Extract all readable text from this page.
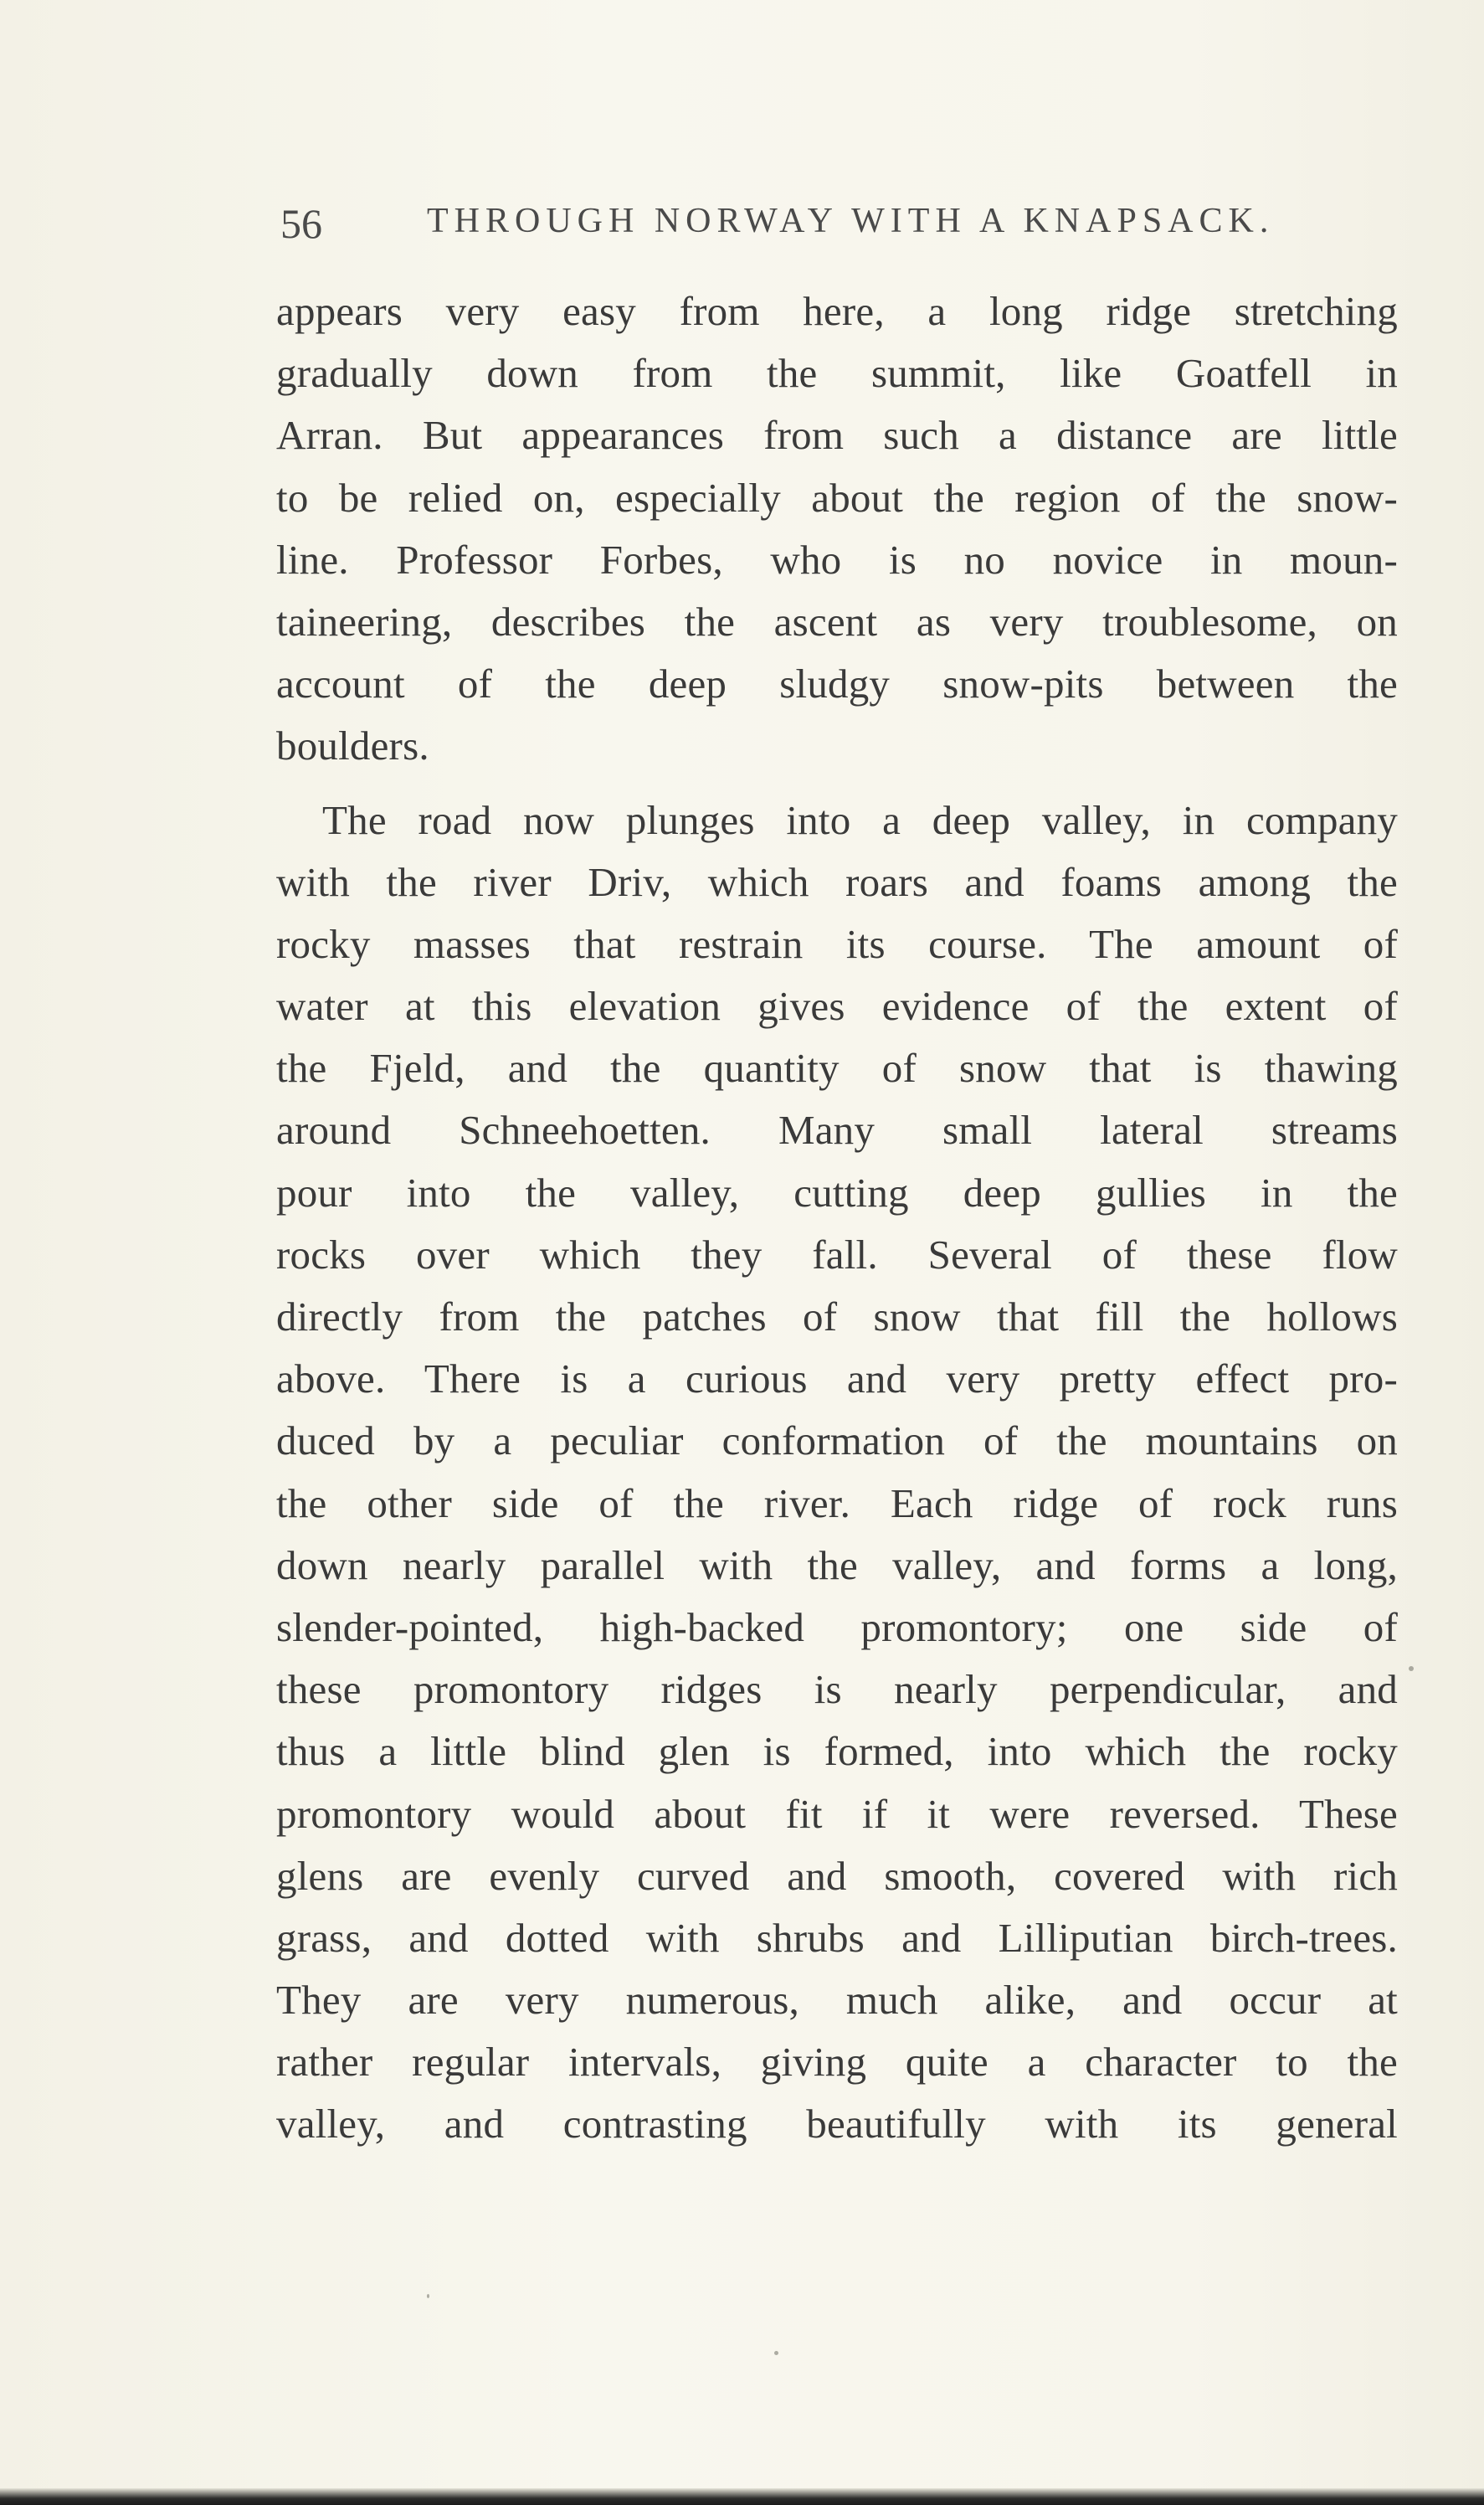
56	THROUGH NORWAY WITH A KNAPSACK.
appears very easy from here, a long ridge stretching
gradually down from the summit, like Goatfell in
Arran. But appearances from such a distance are little
to be relied on, especially about the region of the snow-
line. Professor Forbes, who is no novice in moun-
taineering, describes the ascent as very troublesome, on
account of the deep sludgy snow-pits between the
boulders.
The road now plunges into a deep valley, in company
with the river Driv, which roars and foams among the
rocky masses that restrain its course. The amount of
water at this elevation gives evidence of the extent of
the Fjeld, and the quantity of snow that is thawing
around Schneehoetten. Many small lateral streams
pour into the valley, cutting deep gullies in the
rocks over which they fall. Several of these flow
directly from the patches of snow that fill the hollows
above. There is a curious and very pretty effect pro-
duced by a peculiar conformation of the mountains on
the other side of the river. Each ridge of rock runs
down nearly parallel with the valley, and forms a long,
slender-pointed, high-backed promontory; one side of
these promontory ridges is nearly perpendicular, and
thus a little blind glen is formed, into which the rocky
promontory would about fit if it were reversed. These
glens are evenly curved and smooth, covered with rich
grass, and dotted with shrubs and Lilliputian birch-trees.
They are very numerous, much alike, and occur at
rather regular intervals, giving quite a character to the
valley, and contrasting beautifully with its general
